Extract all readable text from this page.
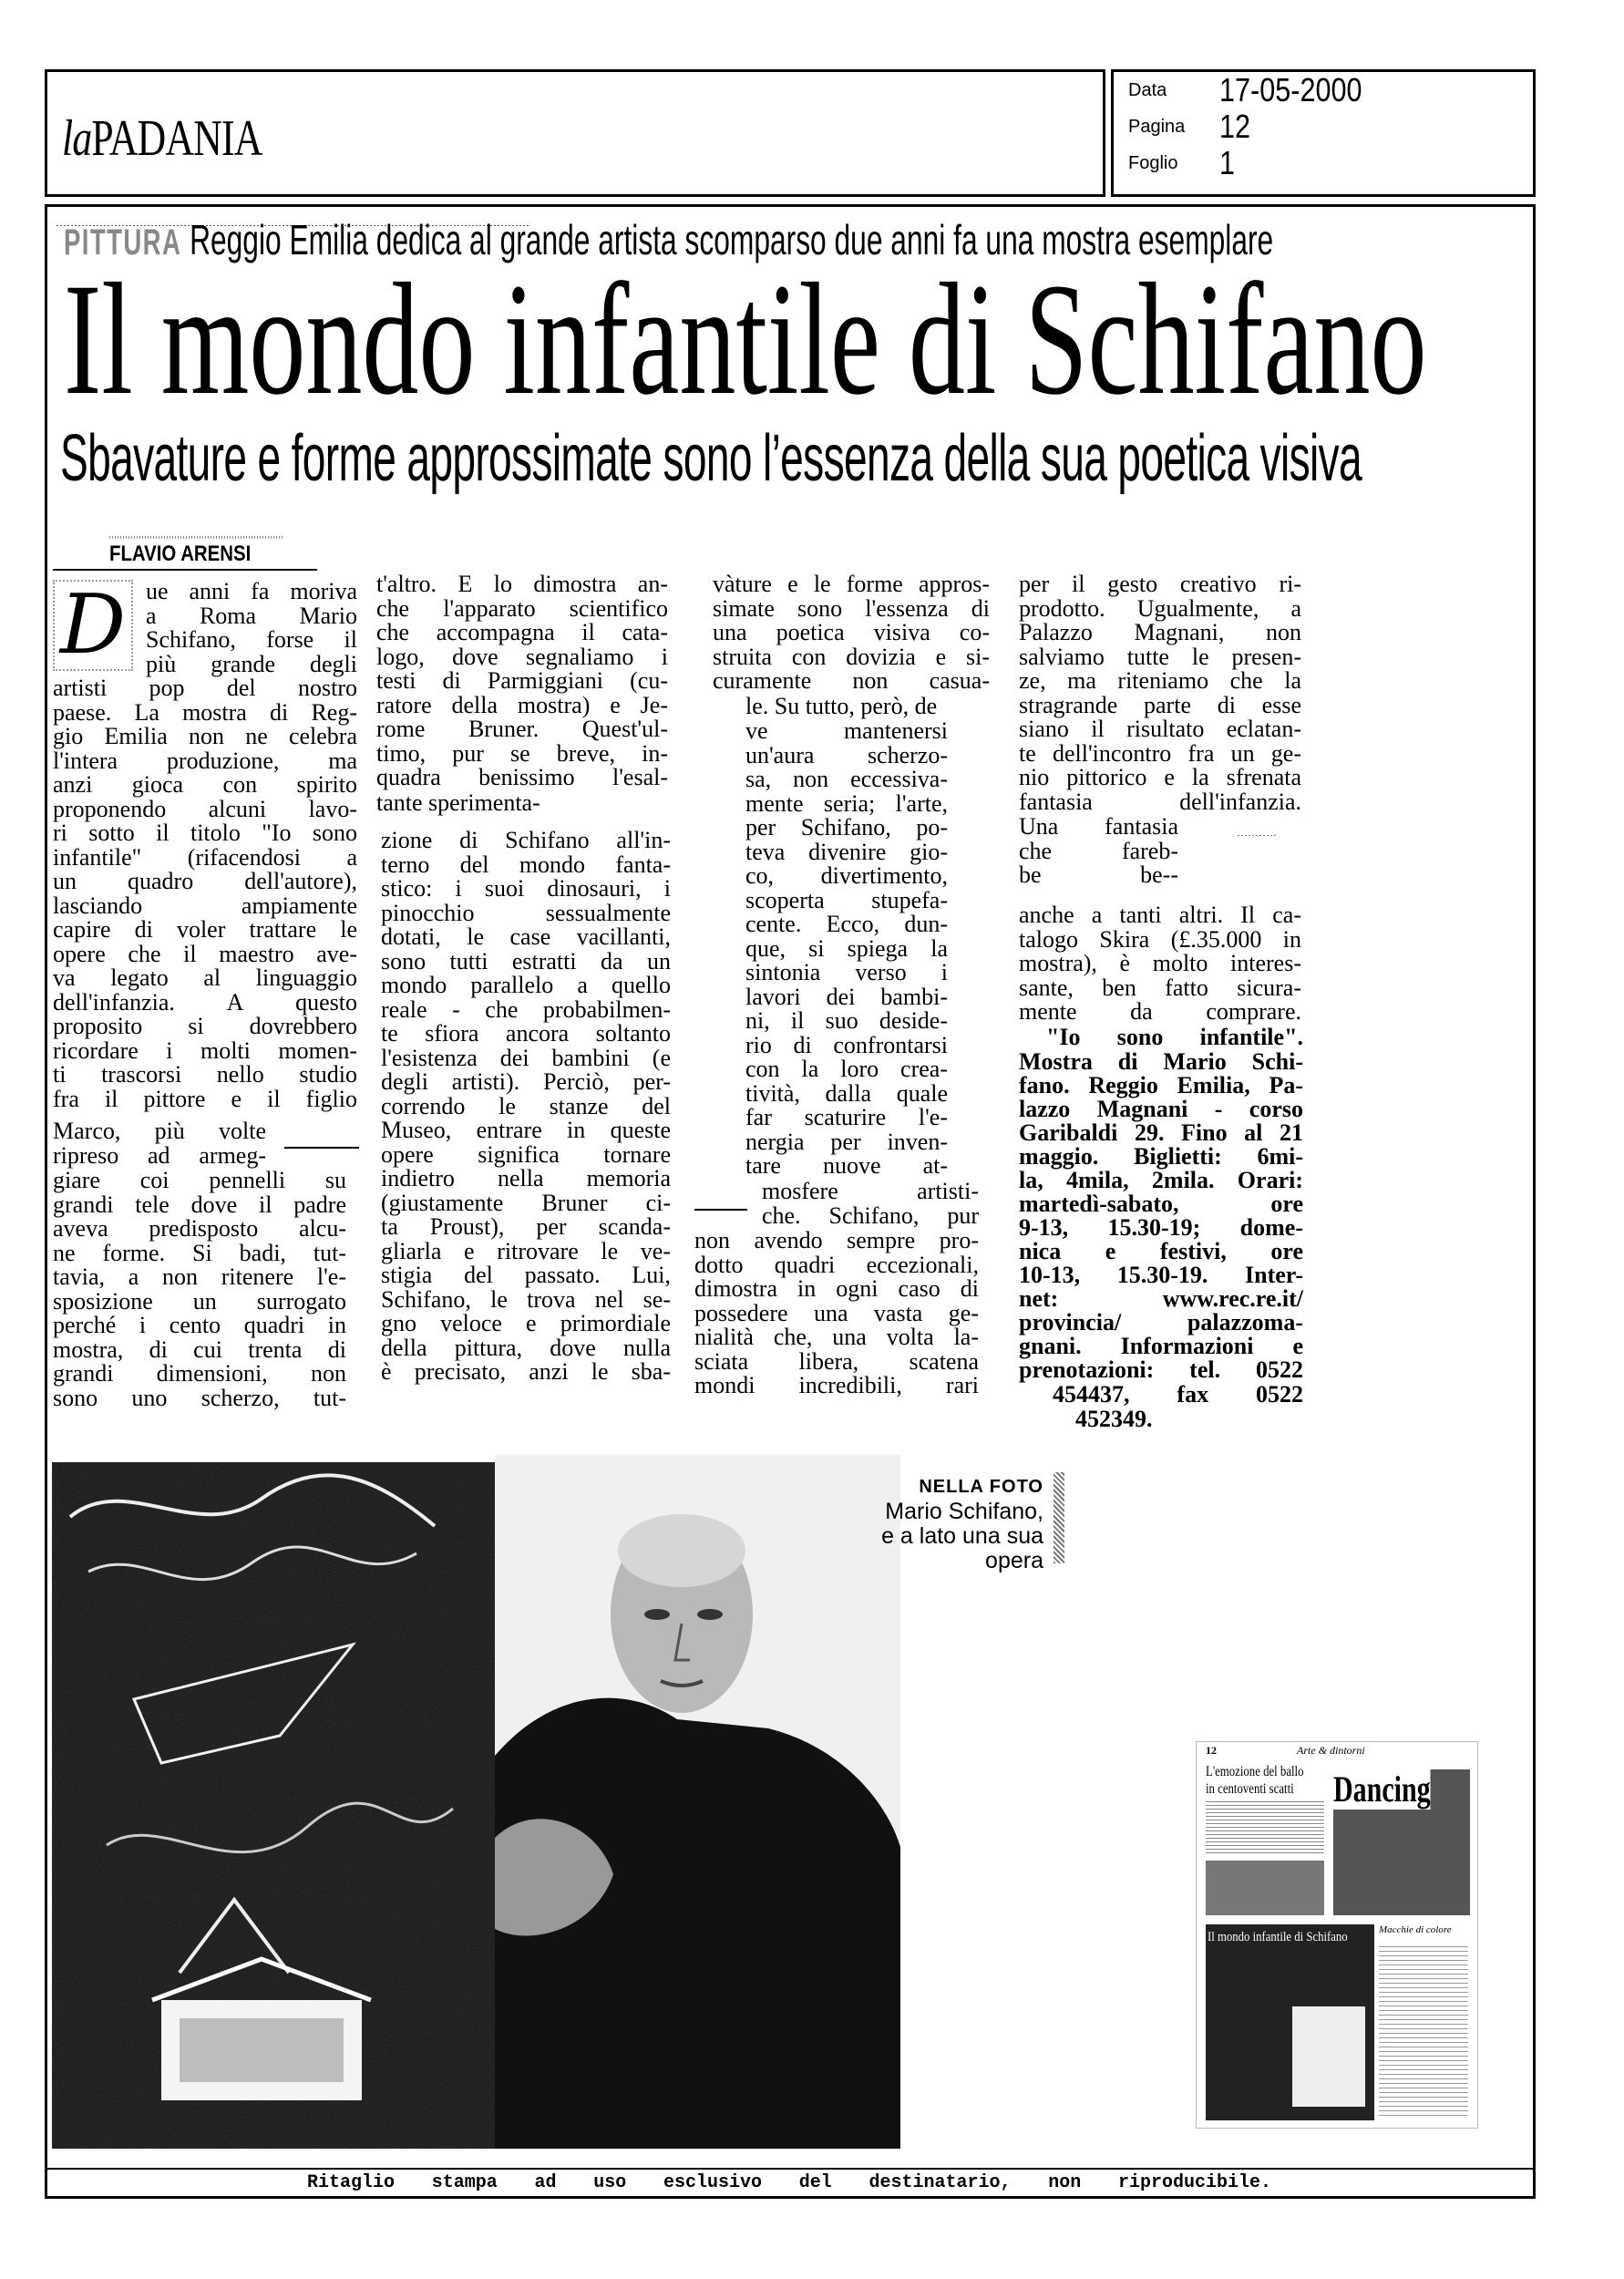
laPADANIA
Data 17-05-2000
Pagina 12
Foglio 1
PITTURA Reggio Emilia dedica al grande artista scomparso due anni fa una mostra esemplare
Il mondo infantile di Schifano
Sbavature e forme approssimate sono l’essenza della sua poetica visiva
FLAVIO ARENSI
D ue anni fa moriva
a Roma Mario
Schifano, forse il
più grande degli
artisti pop del nostro
paese. La mostra di Reg-
gio Emilia non ne celebra
l'intera produzione, ma
anzi gioca con spirito
proponendo alcuni lavo-
ri sotto il titolo "Io sono
infantile" (rifacendosi a
un quadro dell'autore),
lasciando ampiamente
capire di voler trattare le
opere che il maestro ave-
va legato al linguaggio
dell'infanzia. A questo
proposito si dovrebbero
ricordare i molti momen-
ti trascorsi nello studio
fra il pittore e il figlio
Marco, più volte
ripreso ad armeg-
giare coi pennelli su
grandi tele dove il padre
aveva predisposto alcu-
ne forme. Si badi, tut-
tavia, a non ritenere l'e-
sposizione un surrogato
perché i cento quadri in
mostra, di cui trenta di
grandi dimensioni, non
sono uno scherzo, tut-
t'altro. E lo dimostra an-
che l'apparato scientifico
che accompagna il cata-
logo, dove segnaliamo i
testi di Parmiggiani (cu-
ratore della mostra) e Je-
rome Bruner. Quest'ul-
timo, pur se breve, in-
quadra benissimo l'esal-
tante sperimenta-
zione di Schifano all'in-
terno del mondo fanta-
stico: i suoi dinosauri, i
pinocchio sessualmente
dotati, le case vacillanti,
sono tutti estratti da un
mondo parallelo a quello
reale - che probabilmen-
te sfiora ancora soltanto
l'esistenza dei bambini (e
degli artisti). Perciò, per-
correndo le stanze del
Museo, entrare in queste
opere significa tornare
indietro nella memoria
(giustamente Bruner ci-
ta Proust), per scanda-
gliarla e ritrovare le ve-
stigia del passato. Lui,
Schifano, le trova nel se-
gno veloce e primordiale
della pittura, dove nulla
è precisato, anzi le sba-
vàture e le forme appros-
simate sono l'essenza di
una poetica visiva co-
struita con dovizia e si-
curamente non casua-
le. Su tutto, però, de
ve mantenersi
un'aura scherzo-
sa, non eccessiva-
mente seria; l'arte,
per Schifano, po-
teva divenire gio-
co, divertimento,
scoperta stupefa-
cente. Ecco, dun-
que, si spiega la
sintonia verso i
lavori dei bambi-
ni, il suo deside-
rio di confrontarsi
con la loro crea-
tività, dalla quale
far scaturire l'e-
nergia per inven-
tare nuove at-
mosfere artisti-
che. Schifano, pur
non avendo sempre pro-
dotto quadri eccezionali,
dimostra in ogni caso di
possedere una vasta ge-
nialità che, una volta la-
sciata libera, scatena
mondi incredibili, rari
per il gesto creativo ri-
prodotto. Ugualmente, a
Palazzo Magnani, non
salviamo tutte le presen-
ze, ma riteniamo che la
stragrande parte di esse
siano il risultato eclatan-
te dell'incontro fra un ge-
nio pittorico e la sfrenata
fantasia dell'infanzia.
Una fantasia
che fareb-
be be--
anche a tanti altri. Il ca-
talogo Skira (£.35.000 in
mostra), è molto interes-
sante, ben fatto sicura-
mente da comprare.
"Io sono infantile".
Mostra di Mario Schi-
fano. Reggio Emilia, Pa-
lazzo Magnani - corso
Garibaldi 29. Fino al 21
maggio. Biglietti: 6mi-
la, 4mila, 2mila. Orari:
martedì-sabato, ore
9-13, 15.30-19; dome-
nica e festivi, ore
10-13, 15.30-19. Inter-
net: www.rec.re.it/
provincia/ palazzoma-
gnani. Informazioni e
prenotazioni: tel. 0522
454437, fax 0522
452349.
NELLA FOTO
Mario Schifano,
e a lato una sua
opera
12	Arte & dintorni
L'emozione del ballo
in centoventi scatti Dancing
Il mondo infantile di Schifano	Macchie di colore
Ritaglio stampa ad uso esclusivo del destinatario, non riproducibile.
